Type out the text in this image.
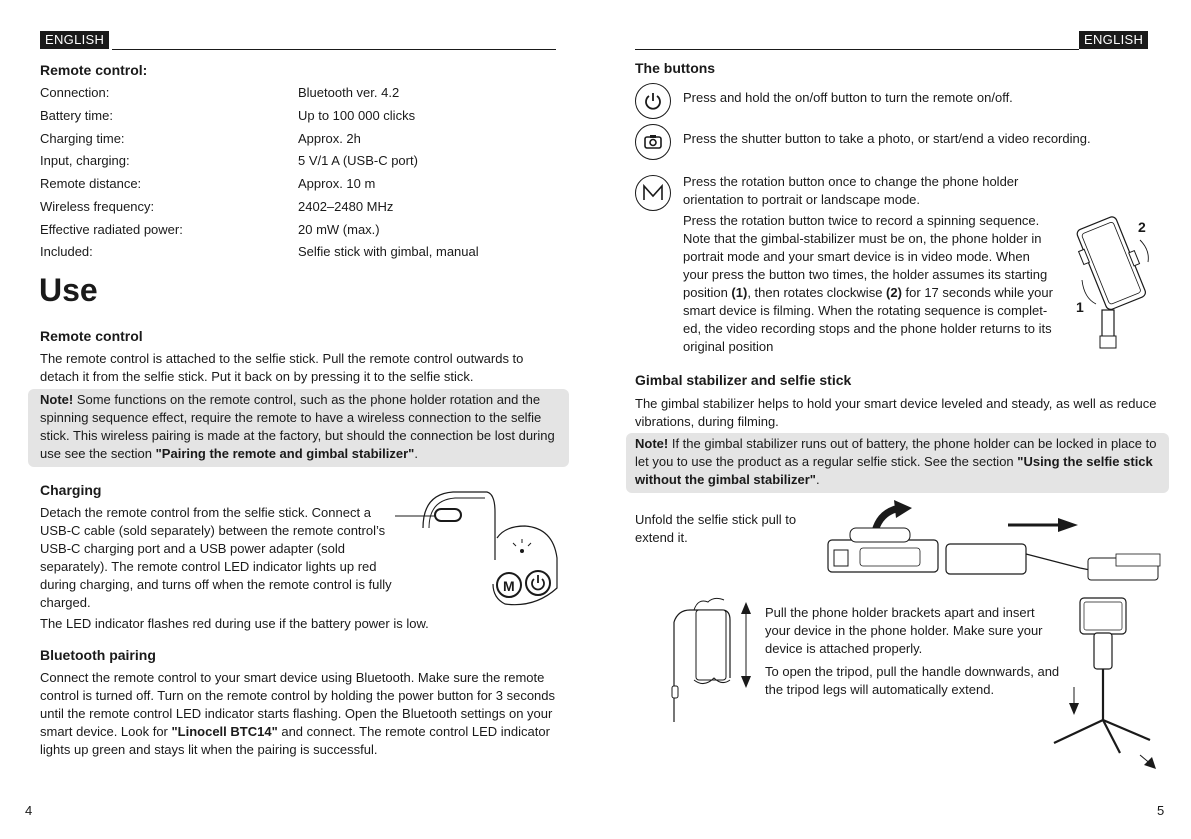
ENGLISH
Remote control:
Connection:	Bluetooth ver. 4.2
Battery time:	Up to 100 000 clicks
Charging time:	Approx. 2h
Input, charging:	5 V/1 A (USB-C port)
Remote distance:	Approx. 10 m
Wireless frequency:	2402–2480 MHz
Effective radiated power:	20 mW (max.)
Included:	Selfie stick with gimbal, manual
Use
Remote control
The remote control is attached to the selfie stick. Pull the remote control outwards to detach it from the selfie stick. Put it back on by pressing it to the selfie stick.
Note! Some functions on the remote control, such as the phone holder rotation and the spinning sequence effect, require the remote to have a wireless connection to the selfie stick. This wireless pairing is made at the factory, but should the connection be lost during use see the section "Pairing the remote and gimbal stabilizer".
Charging
Detach the remote control from the selfie stick. Connect a
USB-C cable (sold separately) between the remote control’s
USB-C charging port and a USB power adapter (sold
separately). The remote control LED indicator lights up red
during charging, and turns off when the remote control is fully
charged.
The LED indicator flashes red during use if the battery power is low.
M
Bluetooth pairing
Connect the remote control to your smart device using Bluetooth. Make sure the remote control is turned off. Turn on the remote control by holding the power button for 3 seconds until the remote control LED indicator starts flashing. Open the Bluetooth settings on your smart device. Look for "Linocell BTC14" and connect. The remote control LED indicator lights up green and stays lit when the pairing is successful.
4
ENGLISH
The buttons
Press and hold the on/off button to turn the remote on/off.
Press the shutter button to take a photo, or start/end a video recording.
Press the rotation button once to change the phone holder
orientation to portrait or landscape mode.
Press the rotation button twice to record a spinning sequence.
Note that the gimbal-stabilizer must be on, the phone holder in
portrait mode and your smart device is in video mode. When
your press the button two times, the holder assumes its starting
position (1), then rotates clockwise (2) for 17 seconds while your
smart device is filming. When the rotating sequence is complet-
ed, the video recording stops and the phone holder returns to its
original position
1
2
Gimbal stabilizer and selfie stick
The gimbal stabilizer helps to hold your smart device leveled and steady, as well as reduce vibrations, during filming.
Note! If the gimbal stabilizer runs out of battery, the phone holder can be locked in place to let you to use the product as a regular selfie stick. See the section "Using the selfie stick without the gimbal stabilizer".
Unfold the selfie stick pull to
extend it.
Pull the phone holder brackets apart and insert
your device in the phone holder. Make sure your
device is attached properly.
To open the tripod, pull the handle downwards, and
the tripod legs will automatically extend.
5
